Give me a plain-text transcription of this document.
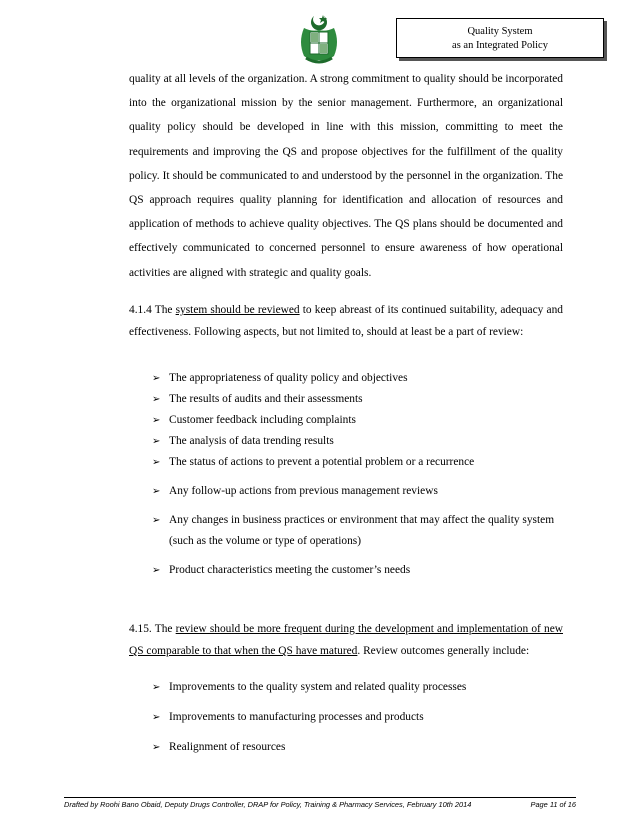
Quality System
as an Integrated Policy
quality at all levels of the organization. A strong commitment to quality should be incorporated into the organizational mission by the senior management. Furthermore, an organizational quality policy should be developed in line with this mission, committing to meet the requirements and improving the QS and propose objectives for the fulfillment of the quality policy. It should be communicated to and understood by the personnel in the organization. The QS approach requires quality planning for identification and allocation of resources and application of methods to achieve quality objectives. The QS plans should be documented and effectively communicated to concerned personnel to ensure awareness of how operational activities are aligned with strategic and quality goals.
4.1.4 The system should be reviewed to keep abreast of its continued suitability, adequacy and effectiveness. Following aspects, but not limited to, should at least be a part of review:
➢ The appropriateness of quality policy and objectives
➢ The results of audits and their assessments
➢ Customer feedback including complaints
➢ The analysis of data trending results
➢ The status of actions to prevent a potential problem or a recurrence
➢ Any follow-up actions from previous management reviews
➢ Any changes in business practices or environment that may affect the quality system (such as the volume or type of operations)
➢ Product characteristics meeting the customer’s needs
4.15. The review should be more frequent during the development and implementation of new QS comparable to that when the QS have matured. Review outcomes generally include:
➢ Improvements to the quality system and related quality processes
➢ Improvements to manufacturing processes and products
➢ Realignment of resources
Drafted by Roohi Bano Obaid, Deputy Drugs Controller, DRAP for Policy, Training & Pharmacy Services, February 10th 2014	Page 11 of 16
